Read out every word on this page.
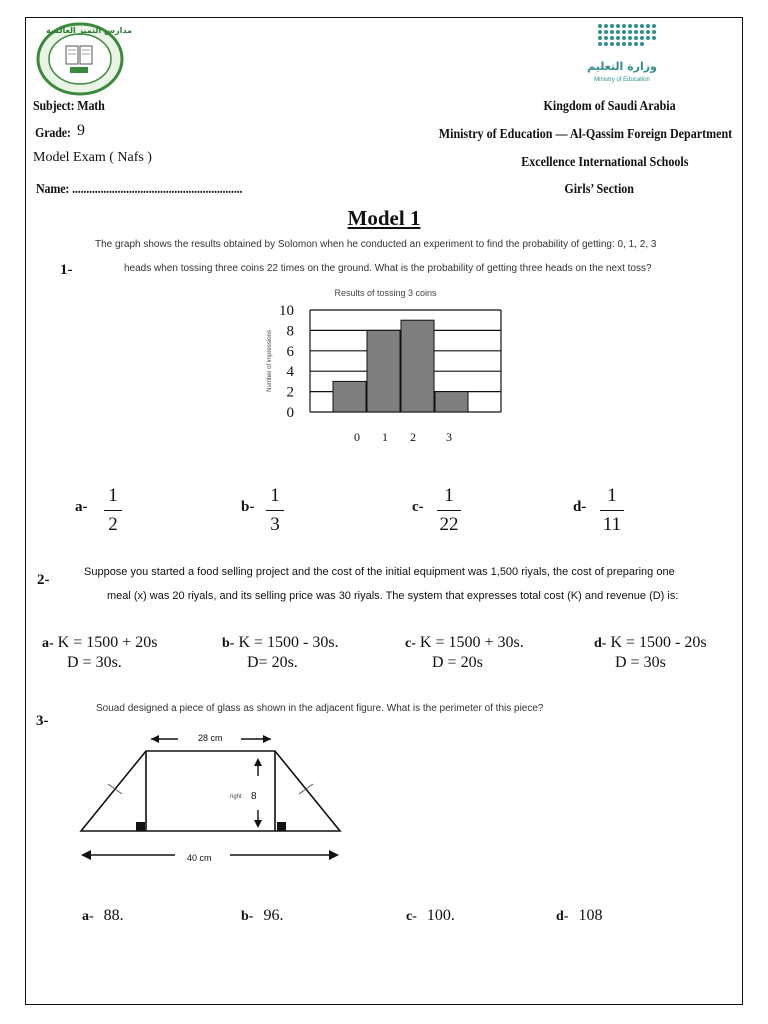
مدارس التميز العالمية
E.I.S.
وزارة التعليم
Ministry of Education
Subject: Math
Grade: 9
Model Exam ( Nafs )
Name: ............................................................
Kingdom of Saudi Arabia
Ministry of Education — Al-Qassim Foreign Department
Excellence International Schools
Girls’ Section
Model 1
The graph shows the results obtained by Solomon when he conducted an experiment to find the probability of getting: 0, 1, 2, 3
1-	heads when tossing three coins 22 times on the ground. What is the probability of getting three heads on the next toss?
Results of tossing 3 coins
0
2
4
6
8
10
Number of impressions
0 1 2	3
a-
1
2
b-
1
3
c-
1
22
d-
1
11
Suppose you started a food selling project and the cost of the initial equipment was 1,500 riyals, the cost of preparing one
2-
meal (x) was 20 riyals, and its selling price was 30 riyals. The system that expresses total cost (K) and revenue (D) is:
a- K = 1500 + 20s
D = 30s.
b- K = 1500 - 30s.
D= 20s.
c- K = 1500 + 30s.
D = 20s
d- K = 1500 - 20s
D = 30s
Souad designed a piece of glass as shown in the adjacent figure. What is the perimeter of this piece?
3-
28 cm
40 cm
right 8
a- 88.	b- 96.	c- 100.	d- 108
